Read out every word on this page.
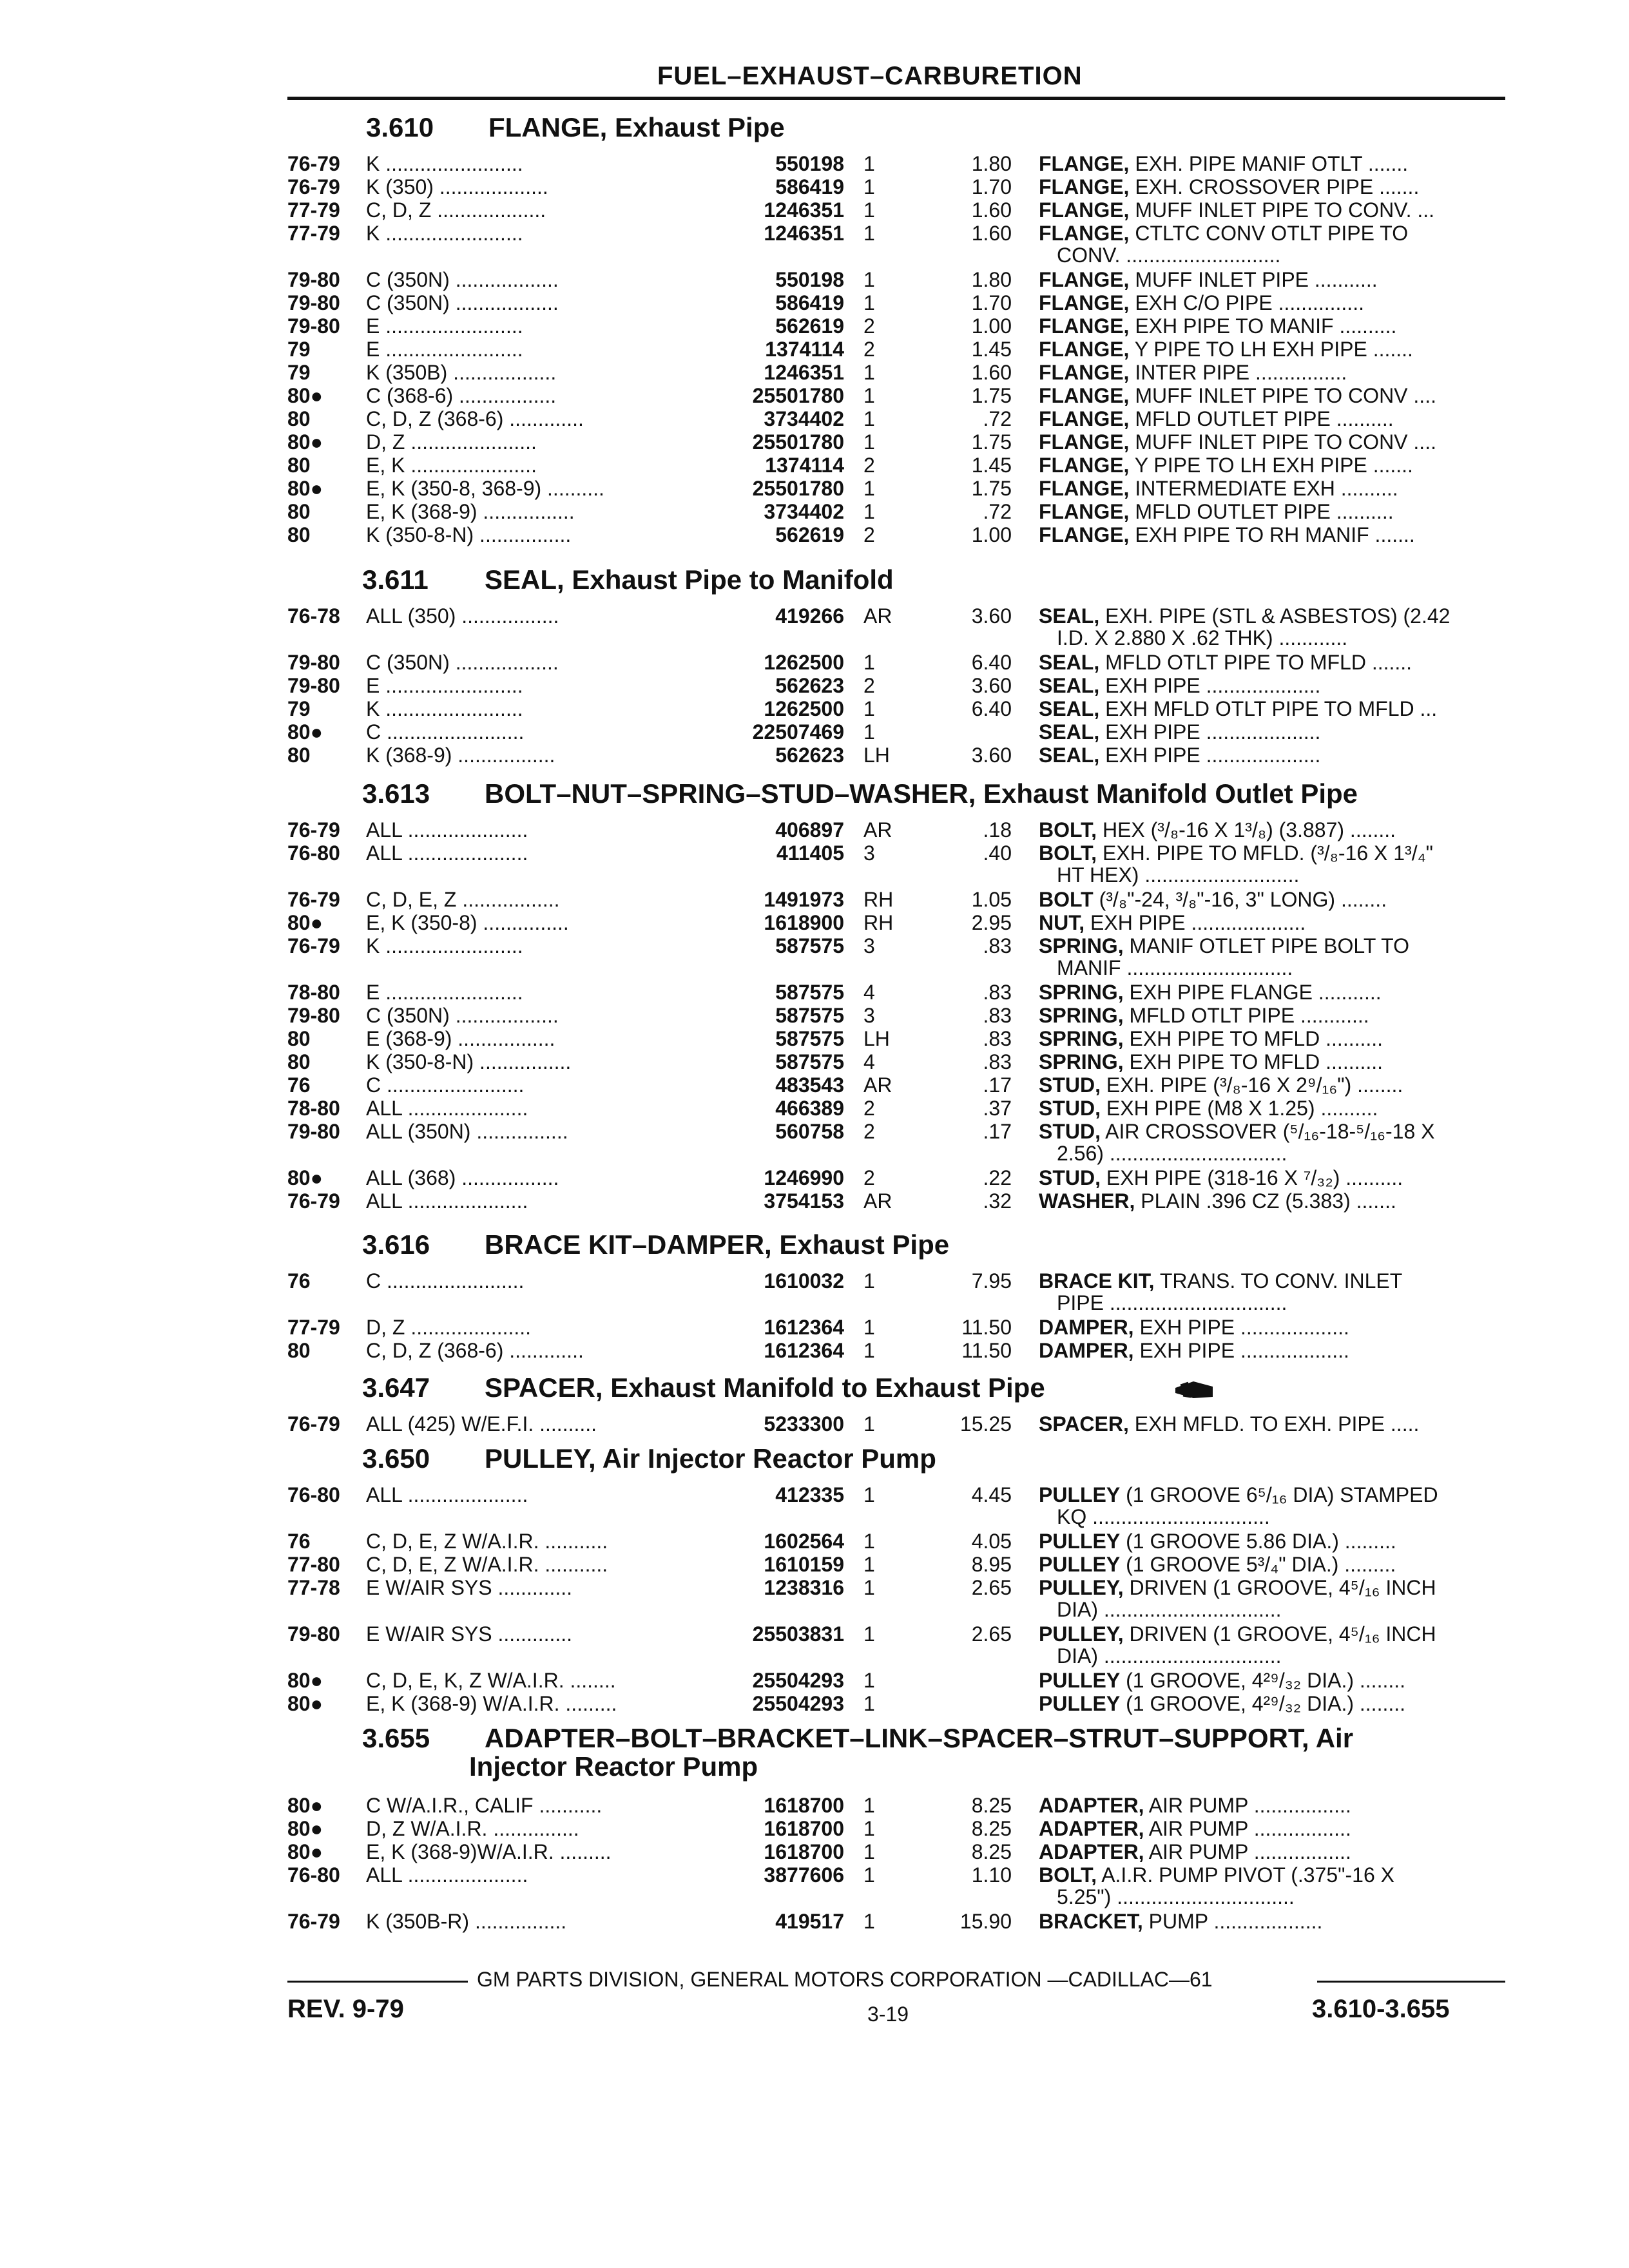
FUEL–EXHAUST–CARBURETION
3.610 FLANGE, Exhaust Pipe
76-79 K ........................	550198 1	1.80 FLANGE, EXH. PIPE MANIF OTLT .......
76-79 K (350) ...................	586419 1	1.70 FLANGE, EXH. CROSSOVER PIPE .......
77-79 C, D, Z ...................	1246351 1	1.60 FLANGE, MUFF INLET PIPE TO CONV. ...
77-79 K ........................	1246351 1	1.60 FLANGE, CTLTC CONV OTLT PIPE TO
CONV. ...........................
79-80 C (350N) ..................	550198 1	1.80 FLANGE, MUFF INLET PIPE ...........
79-80 C (350N) ..................	586419 1	1.70 FLANGE, EXH C/O PIPE ...............
79-80 E ........................	562619 2	1.00 FLANGE, EXH PIPE TO MANIF ..........
79	E ........................	1374114 2	1.45 FLANGE, Y PIPE TO LH EXH PIPE .......
79	K (350B) ..................	1246351 1	1.60 FLANGE, INTER PIPE ................
80● C (368-6) .................	25501780 1	1.75 FLANGE, MUFF INLET PIPE TO CONV ....
80	C, D, Z (368-6) .............	3734402 1	.72 FLANGE, MFLD OUTLET PIPE ..........
80● D, Z ......................	25501780 1	1.75 FLANGE, MUFF INLET PIPE TO CONV ....
80	E, K ......................	1374114 2	1.45 FLANGE, Y PIPE TO LH EXH PIPE .......
80● E, K (350-8, 368-9) ..........	25501780 1	1.75 FLANGE, INTERMEDIATE EXH ..........
80	E, K (368-9) ................	3734402 1	.72 FLANGE, MFLD OUTLET PIPE ..........
80	K (350-8-N) ................	562619 2	1.00 FLANGE, EXH PIPE TO RH MANIF .......
3.611 SEAL, Exhaust Pipe to Manifold
76-78 ALL (350) .................	419266 AR	3.60 SEAL, EXH. PIPE (STL & ASBESTOS) (2.42
I.D. X 2.880 X .62 THK) ............
79-80 C (350N) ..................	1262500 1	6.40 SEAL, MFLD OTLT PIPE TO MFLD .......
79-80 E ........................	562623 2	3.60 SEAL, EXH PIPE ....................
79	K ........................	1262500 1	6.40 SEAL, EXH MFLD OTLT PIPE TO MFLD ...
80● C ........................	22507469 1	SEAL, EXH PIPE ....................
80	K (368-9) .................	562623 LH	3.60 SEAL, EXH PIPE ....................
3.613 BOLT–NUT–SPRING–STUD–WASHER, Exhaust Manifold Outlet Pipe
76-79 ALL .....................	406897 AR	.18 BOLT, HEX (³/₈-16 X 1³/₈) (3.887) ........
76-80 ALL .....................	411405 3	.40 BOLT, EXH. PIPE TO MFLD. (³/₈-16 X 1³/₄"
HT HEX) ...........................
76-79 C, D, E, Z .................	1491973 RH	1.05 BOLT (³/₈"-24, ³/₈"-16, 3" LONG) ........
80● E, K (350-8) ...............	1618900 RH	2.95 NUT, EXH PIPE ....................
76-79 K ........................	587575 3	.83 SPRING, MANIF OTLET PIPE BOLT TO
MANIF .............................
78-80 E ........................	587575 4	.83 SPRING, EXH PIPE FLANGE ...........
79-80 C (350N) ..................	587575 3	.83 SPRING, MFLD OTLT PIPE ............
80	E (368-9) .................	587575 LH	.83 SPRING, EXH PIPE TO MFLD ..........
80	K (350-8-N) ................	587575 4	.83 SPRING, EXH PIPE TO MFLD ..........
76	C ........................	483543 AR	.17 STUD, EXH. PIPE (³/₈-16 X 2⁹/₁₆") ........
78-80 ALL .....................	466389 2	.37 STUD, EXH PIPE (M8 X 1.25) ..........
79-80 ALL (350N) ................	560758 2	.17 STUD, AIR CROSSOVER (⁵/₁₆-18-⁵/₁₆-18 X
2.56) ...............................
80● ALL (368) .................	1246990 2	.22 STUD, EXH PIPE (318-16 X ⁷/₃₂) ..........
76-79 ALL .....................	3754153 AR	.32 WASHER, PLAIN .396 CZ (5.383) .......
3.616 BRACE KIT–DAMPER, Exhaust Pipe
76	C ........................	1610032 1	7.95 BRACE KIT, TRANS. TO CONV. INLET
PIPE ...............................
77-79 D, Z .....................	1612364 1	11.50 DAMPER, EXH PIPE ...................
80	C, D, Z (368-6) .............	1612364 1	11.50 DAMPER, EXH PIPE ...................
3.647 SPACER, Exhaust Manifold to Exhaust Pipe
76-79 ALL (425) W/E.F.I. ..........	5233300 1	15.25 SPACER, EXH MFLD. TO EXH. PIPE .....
3.650 PULLEY, Air Injector Reactor Pump
76-80 ALL .....................	412335 1	4.45 PULLEY (1 GROOVE 6⁵/₁₆ DIA) STAMPED
KQ ...............................
76	C, D, E, Z W/A.I.R. ...........	1602564 1	4.05 PULLEY (1 GROOVE 5.86 DIA.) .........
77-80 C, D, E, Z W/A.I.R. ...........	1610159 1	8.95 PULLEY (1 GROOVE 5³/₄" DIA.) .........
77-78 E W/AIR SYS .............	1238316 1	2.65 PULLEY, DRIVEN (1 GROOVE, 4⁵/₁₆ INCH
DIA) ...............................
79-80 E W/AIR SYS .............	25503831 1	2.65 PULLEY, DRIVEN (1 GROOVE, 4⁵/₁₆ INCH
DIA) ...............................
80● C, D, E, K, Z W/A.I.R. ........	25504293 1	PULLEY (1 GROOVE, 4²⁹/₃₂ DIA.) ........
80● E, K (368-9) W/A.I.R. .........	25504293 1	PULLEY (1 GROOVE, 4²⁹/₃₂ DIA.) ........
3.655 ADAPTER–BOLT–BRACKET–LINK–SPACER–STRUT–SUPPORT, Air
Injector Reactor Pump
80● C W/A.I.R., CALIF ...........	1618700 1	8.25 ADAPTER, AIR PUMP .................
80● D, Z W/A.I.R. ...............	1618700 1	8.25 ADAPTER, AIR PUMP .................
80● E, K (368-9)W/A.I.R. .........	1618700 1	8.25 ADAPTER, AIR PUMP .................
76-80 ALL .....................	3877606 1	1.10 BOLT, A.I.R. PUMP PIVOT (.375"-16 X
5.25") ...............................
76-79 K (350B-R) ................	419517 1	15.90 BRACKET, PUMP ...................
GM PARTS DIVISION, GENERAL MOTORS CORPORATION —CADILLAC—61
REV. 9-79	3-19	3.610-3.655
